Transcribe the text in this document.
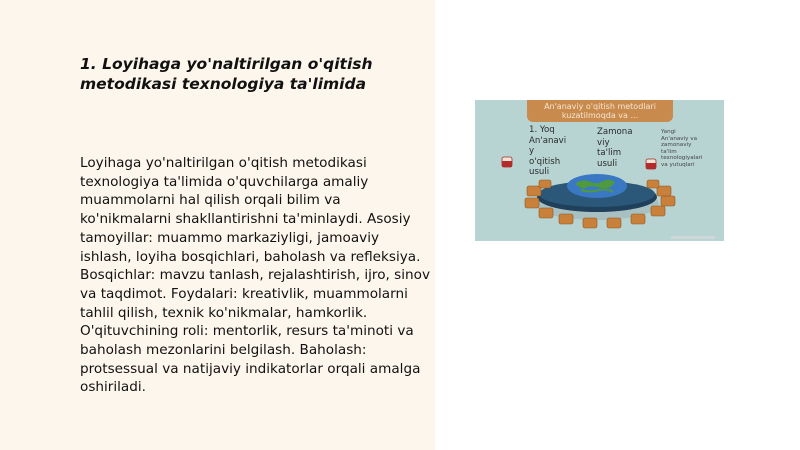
1. Loyihaga yo'naltirilgan o'qitish
metodikasi texnologiya ta'limida

Loyihaga yo'naltirilgan o'qitish metodikasi texnologiya ta'limida o'quvchilarga amaliy muammolarni hal qilish orqali bilim va ko'nikmalarni shakllantirishni ta'minlaydi. Asosiy tamoyillar: muammo markaziyligi, jamoaviy ishlash, loyiha bosqichlari, baholash va refleksiya. Bosqichlar: mavzu tanlash, rejalashtirish, ijro, sinov va taqdimot. Foydalari: kreativlik, muammolarni tahlil qilish, texnik ko'nikmalar, hamkorlik. O'qituvchining roli: mentorlik, resurs ta'minoti va baholash mezonlarini belgilash. Baholash: protsessual va natijaviy indikatorlar orqali amalga oshiriladi.

An'anaviy o'qitish metodlari
kuzatilmoqda va ...
1. Yoq
An'anavi
y
o'qitish
usuli
Zamona
viy
ta'lim
usuli
Yangi
An'anaviy va
zamonaviy
ta'lim
texnologiyalari
va yutuqlari
